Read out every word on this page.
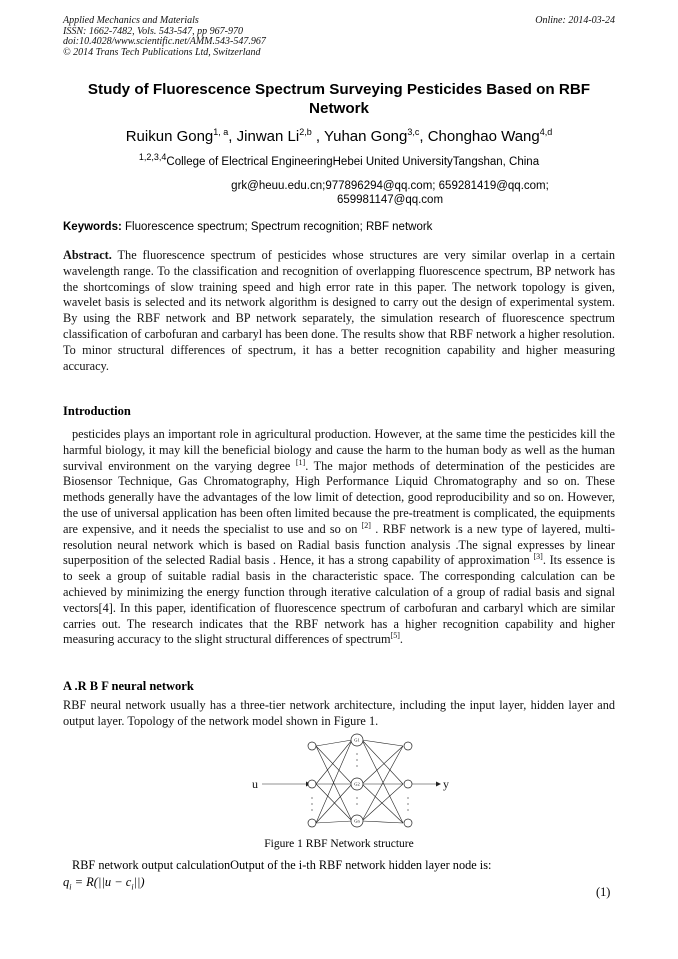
Applied Mechanics and Materials
ISSN: 1662-7482, Vols. 543-547, pp 967-970
doi:10.4028/www.scientific.net/AMM.543-547.967
© 2014 Trans Tech Publications Ltd, Switzerland
Online: 2014-03-24
Study of Fluorescence Spectrum Surveying Pesticides Based on RBF Network
Ruikun Gong$^{1, a}$, Jinwan Li$^{2,b}$ , Yuhan Gong$^{3,c}$, Chonghao Wang$^{4,d}$
$^{1,2,3,4}$College of Electrical EngineeringHebei United UniversityTangshan, China
grk@heuu.edu.cn;977896294@qq.com; 659281419@qq.com;
659981147@qq.com
Keywords: Fluorescence spectrum; Spectrum recognition; RBF network
Abstract. The fluorescence spectrum of pesticides whose structures are very similar overlap in a certain wavelength range. To the classification and recognition of overlapping fluorescence spectrum, BP network has the shortcomings of slow training speed and high error rate in this paper. The network topology is given, wavelet basis is selected and its network algorithm is designed to carry out the design of experimental system. By using the RBF network and BP network separately, the simulation research of fluorescence spectrum classification of carbofuran and carbaryl has been done. The results show that RBF network a higher resolution. To minor structural differences of spectrum, it has a better recognition capability and higher measuring accuracy.
Introduction
pesticides plays an important role in agricultural production. However, at the same time the pesticides kill the harmful biology, it may kill the beneficial biology and cause the harm to the human body as well as the human survival environment on the varying degree [1]. The major methods of determination of the pesticides are Biosensor Technique, Gas Chromatography, High Performance Liquid Chromatography and so on. These methods generally have the advantages of the low limit of detection, good reproducibility and so on. However, the use of universal application has been often limited because the pre-treatment is complicated, the equipments are expensive, and it needs the specialist to use and so on [2] . RBF network is a new type of layered, multi-resolution neural network which is based on Radial basis function analysis .The signal expresses by linear superposition of the selected Radial basis . Hence, it has a strong capability of approximation [3]. Its essence is to seek a group of suitable radial basis in the characteristic space. The corresponding calculation can be achieved by minimizing the energy function through iterative calculation of a group of radial basis and signal vectors[4]. In this paper, identification of fluorescence spectrum of carbofuran and carbaryl which are similar carries out. The research indicates that the RBF network has a higher recognition capability and higher measuring accuracy to the slight structural differences of spectrum[5].
A .R B F neural network
RBF neural network usually has a three-tier network architecture, including the input layer, hidden layer and output layer. Topology of the network model shown in Figure 1.
G1
G2
Gn
u	y
Figure 1 RBF Network structure
RBF network output calculationOutput of the i-th RBF network hidden layer node is:
$q_i = R(||u - c_i||)$
(1)
